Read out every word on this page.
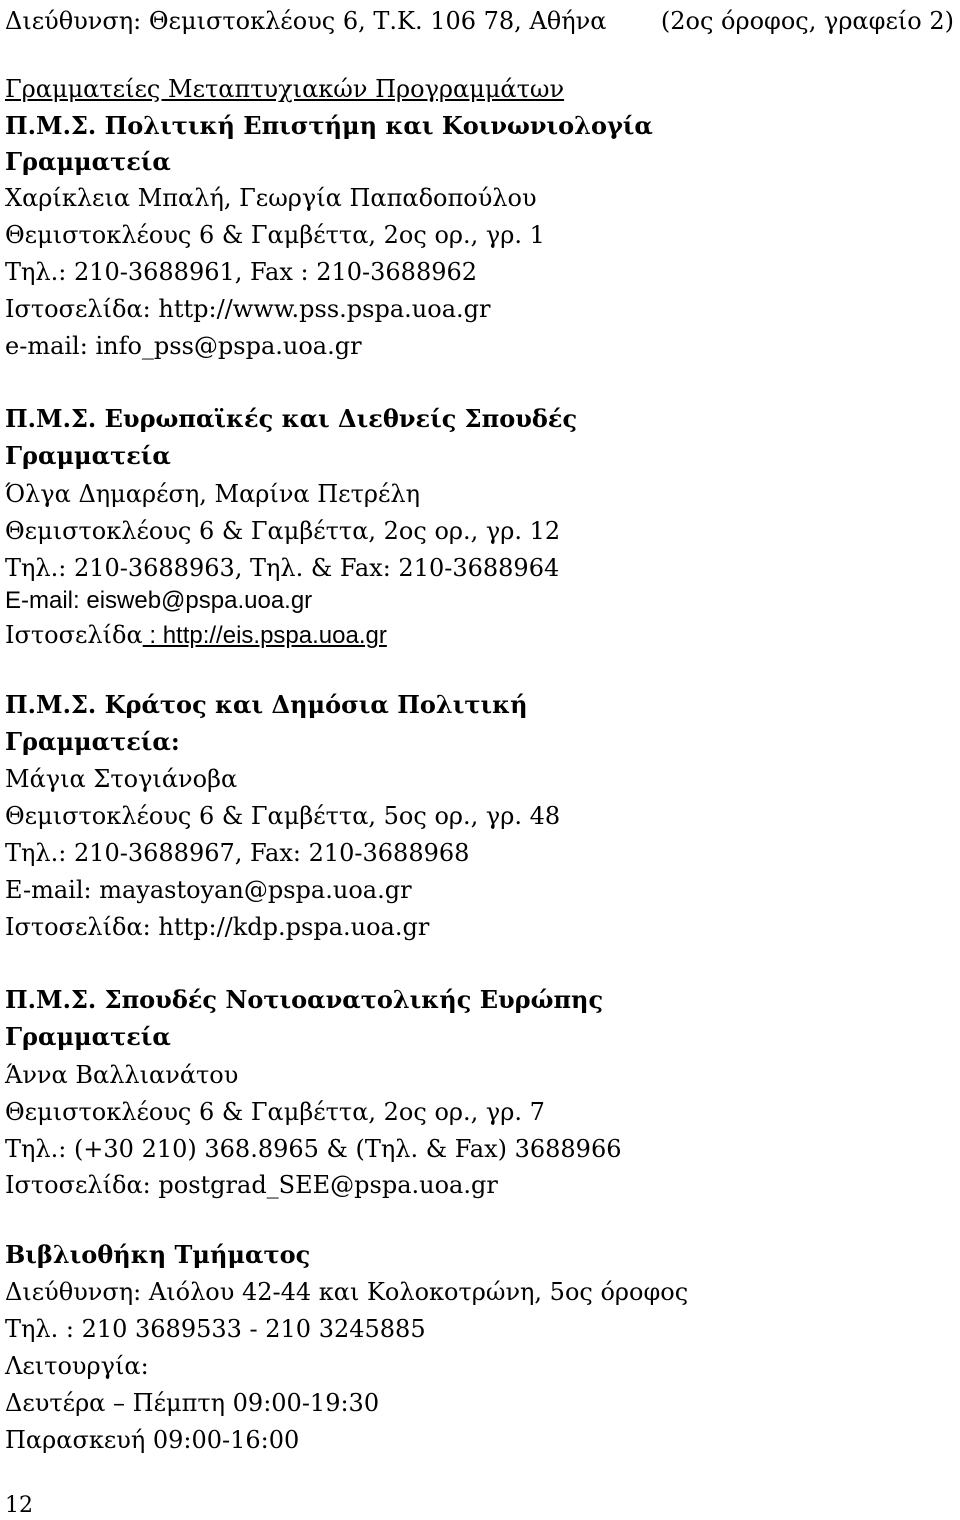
Διεύθυνση: Θεμιστοκλέους 6, Τ.Κ. 106 78, Αθήνα (2ος όροφος, γραφείο 2)
Γραμματείες Μεταπτυχιακών Προγραμμάτων
Π.Μ.Σ. Πολιτική Επιστήμη και Κοινωνιολογία
Γραμματεία
Χαρίκλεια Μπαλή, Γεωργία Παπαδοπούλου
Θεμιστοκλέους 6 & Γαμβέττα, 2ος ορ., γρ. 1
Τηλ.: 210-3688961, Fax : 210-3688962
Ιστοσελίδα: http://www.pss.pspa.uoa.gr
e-mail: info_pss@pspa.uoa.gr
Π.Μ.Σ. Ευρωπαϊκές και Διεθνείς Σπουδές
Γραμματεία
Όλγα Δημαρέση, Μαρίνα Πετρέλη
Θεμιστοκλέους 6 & Γαμβέττα, 2ος ορ., γρ. 12
Τηλ.: 210-3688963, Τηλ. & Fax: 210-3688964
E-mail: eisweb@pspa.uoa.gr
Ιστοσελίδα : http://eis.pspa.uoa.gr
Π.Μ.Σ. Κράτος και Δημόσια Πολιτική
Γραμματεία:
Μάγια Στογιάνοβα
Θεμιστοκλέους 6 & Γαμβέττα, 5ος ορ., γρ. 48
Τηλ.: 210-3688967, Fax: 210-3688968
E-mail: mayastoyan@pspa.uoa.gr
Ιστοσελίδα: http://kdp.pspa.uoa.gr
Π.Μ.Σ. Σπουδές Νοτιοανατολικής Ευρώπης
Γραμματεία
Άννα Βαλλιανάτου
Θεμιστοκλέους 6 & Γαμβέττα, 2ος ορ., γρ. 7
Τηλ.: (+30 210) 368.8965 & (Τηλ. & Fax) 3688966
Ιστοσελίδα: postgrad_SEE@pspa.uoa.gr
Βιβλιοθήκη Τμήματος
Διεύθυνση: Αιόλου 42-44 και Κολοκοτρώνη, 5ος όροφος
Τηλ. : 210 3689533 - 210 3245885
Λειτουργία:
Δευτέρα – Πέμπτη 09:00-19:30
Παρασκευή 09:00-16:00
12
